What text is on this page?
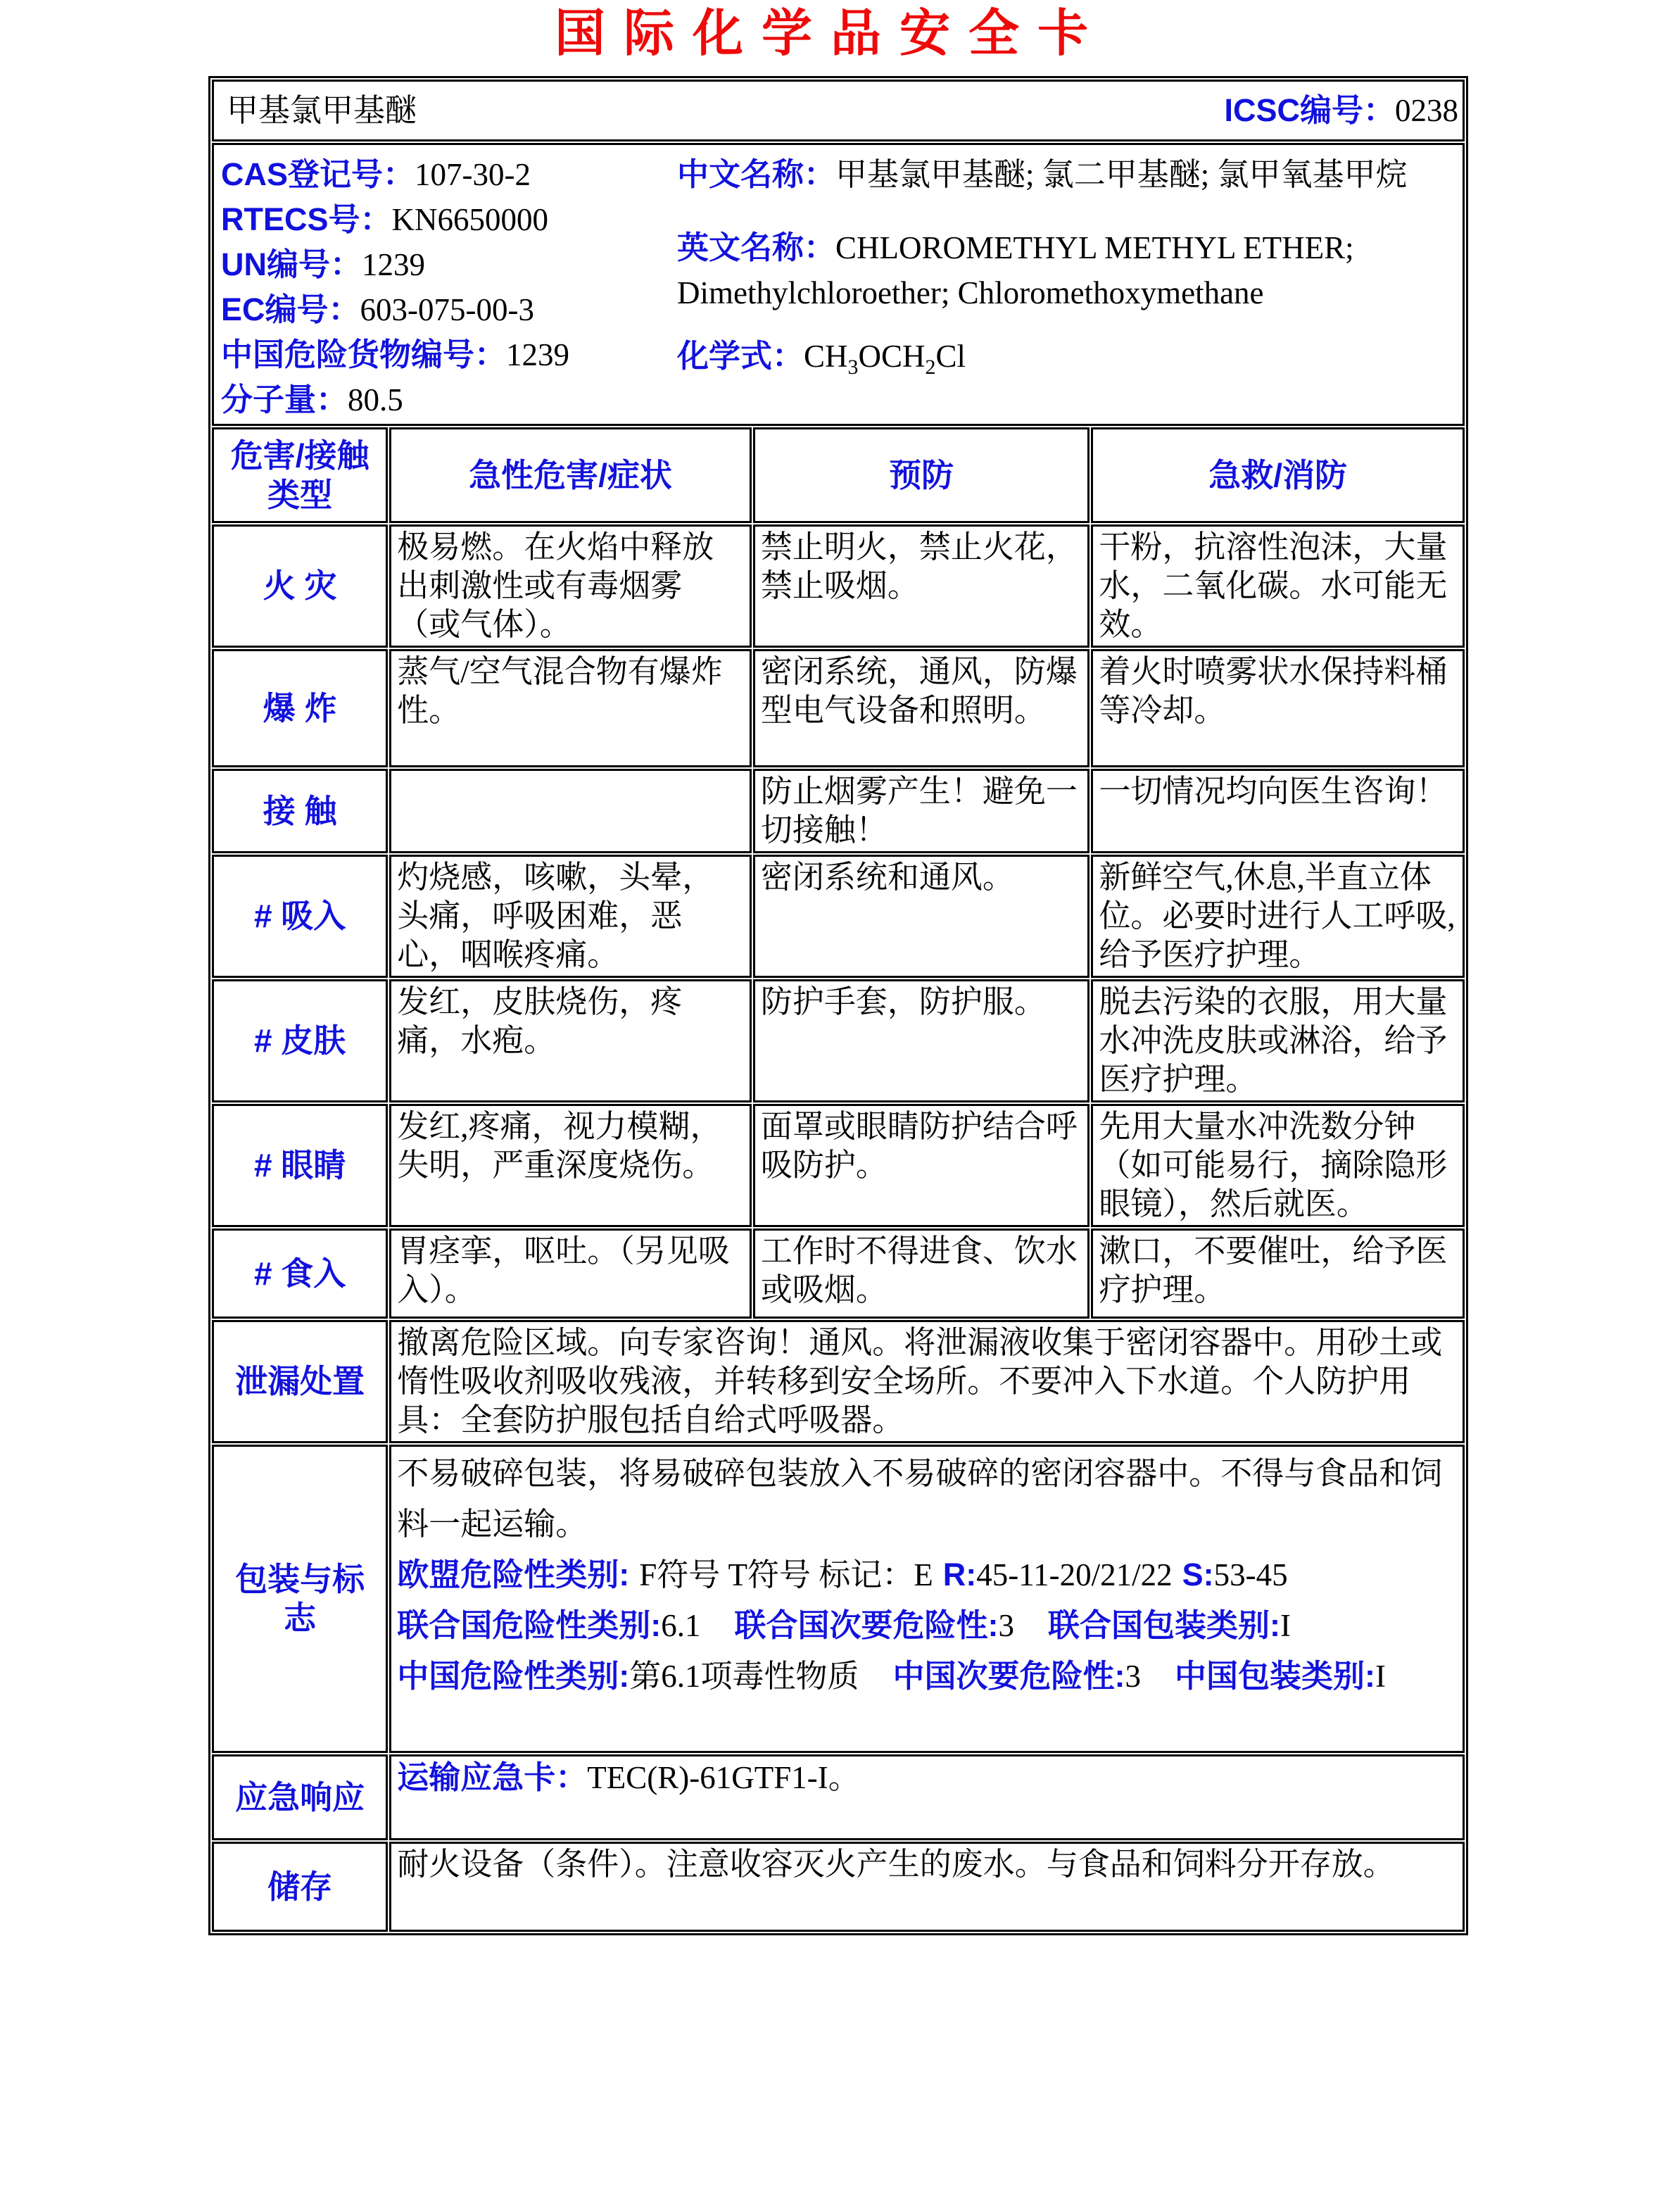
国际化学品安全卡
甲基氯甲基醚 ICSC编号：0238			

CAS登记号：107-30-2
RTECS号：KN6650000
UN编号：1239
EC编号：603-075-00-3
中国危险货物编号：1239
分子量：80.5
中文名称：甲基氯甲基醚; 氯二甲基醚; 氯甲氧基甲烷
英文名称：CHLOROMETHYL METHYL ETHER; Dimethylchloroether; Chloromethoxymethane
化学式：$CH_3OCH_2Cl$

危害/接触
类型	急性危害/症状	预防	急救/消防
火 灾	极易燃。在火焰中释放出刺激性或有毒烟雾（或气体）。	禁止明火，禁止火花，禁止吸烟。	干粉，抗溶性泡沫，大量水，二氧化碳。水可能无效。
爆 炸	蒸气/空气混合物有爆炸性。	密闭系统，通风，防爆型电气设备和照明。	着火时喷雾状水保持料桶等冷却。
接 触		防止烟雾产生！避免一切接触！	一切情况均向医生咨询！
# 吸入	灼烧感，咳嗽，头晕，头痛，呼吸困难，恶心，咽喉疼痛。	密闭系统和通风。	新鲜空气,休息,半直立体位。必要时进行人工呼吸,给予医疗护理。
# 皮肤	发红，皮肤烧伤，疼痛，水疱。	防护手套，防护服。	脱去污染的衣服，用大量水冲洗皮肤或淋浴，给予医疗护理。
# 眼睛	发红,疼痛，视力模糊，失明，严重深度烧伤。	面罩或眼睛防护结合呼吸防护。	先用大量水冲洗数分钟（如可能易行，摘除隐形眼镜），然后就医。
# 食入	胃痉挛，呕吐。（另见吸入）。	工作时不得进食、饮水或吸烟。	漱口，不要催吐，给予医疗护理。
泄漏处置	撤离危险区域。向专家咨询！通风。将泄漏液收集于密闭容器中。用砂土或惰性吸收剂吸收残液，并转移到安全场所。不要冲入下水道。个人防护用具：全套防护服包括自给式呼吸器。		
包装与标志	不易破碎包装，将易破碎包装放入不易破碎的密闭容器中。不得与食品和饲料一起运输。
欧盟危险性类别: F符号 T符号 标记：E R:45-11-20/21/22 S:53-45
联合国危险性类别:6.1 联合国次要危险性:3 联合国包装类别:I
中国危险性类别:第6.1项毒性物质 中国次要危险性:3 中国包装类别:I		

应急响应	运输应急卡：TEC(R)-61GTF1-I。		
储存	耐火设备（条件）。注意收容灭火产生的废水。与食品和饲料分开存放。		
